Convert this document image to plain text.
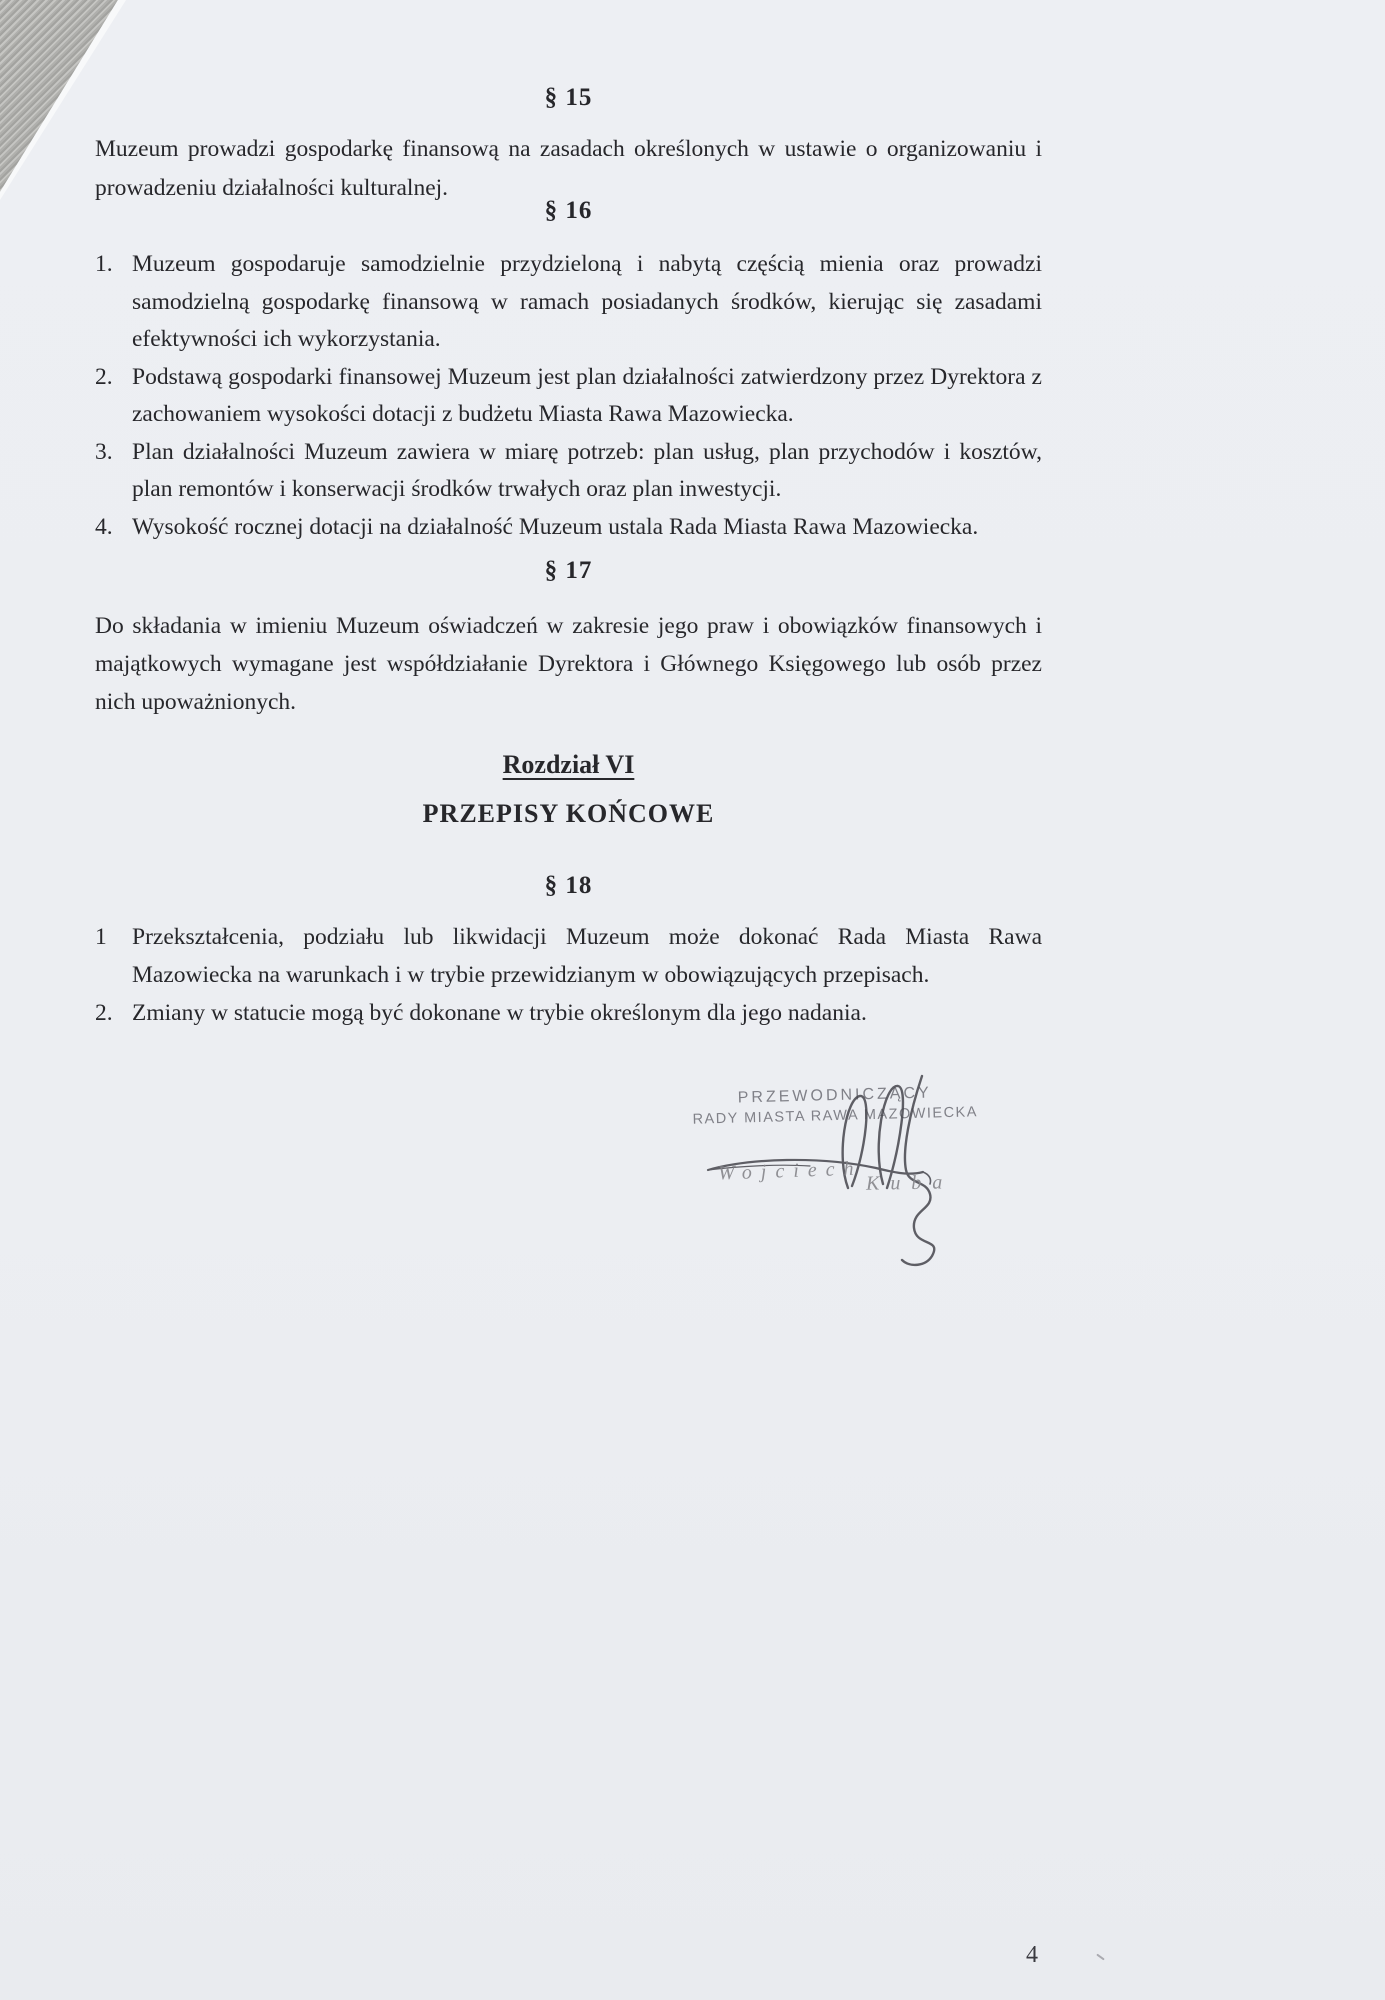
§ 15
Muzeum prowadzi gospodarkę finansową na zasadach określonych w ustawie o organizowaniu i prowadzeniu działalności kulturalnej.
§ 16
1. Muzeum gospodaruje samodzielnie przydzieloną i nabytą częścią mienia oraz prowadzi samodzielną gospodarkę finansową w ramach posiadanych środków, kierując się zasadami efektywności ich wykorzystania.
2. Podstawą gospodarki finansowej Muzeum jest plan działalności zatwierdzony przez Dyrektora z zachowaniem wysokości dotacji z budżetu Miasta Rawa Mazowiecka.
3. Plan działalności Muzeum zawiera w miarę potrzeb: plan usług, plan przychodów i kosztów, plan remontów i konserwacji środków trwałych oraz plan inwestycji.
4. Wysokość rocznej dotacji na działalność Muzeum ustala Rada Miasta Rawa Mazowiecka.
§ 17
Do składania w imieniu Muzeum oświadczeń w zakresie jego praw i obowiązków finansowych i majątkowych wymagane jest współdziałanie Dyrektora i Głównego Księgowego lub osób przez nich upoważnionych.
Rozdział VI
PRZEPISY KOŃCOWE
§ 18
1 Przekształcenia, podziału lub likwidacji Muzeum może dokonać Rada Miasta Rawa Mazowiecka na warunkach i w trybie przewidzianym w obowiązujących przepisach.
2. Zmiany w statucie mogą być dokonane w trybie określonym dla jego nadania.
PRZEWODNICZĄCY
RADY MIASTA RAWA MAZOWIECKA
Wojciech Kuba
4
